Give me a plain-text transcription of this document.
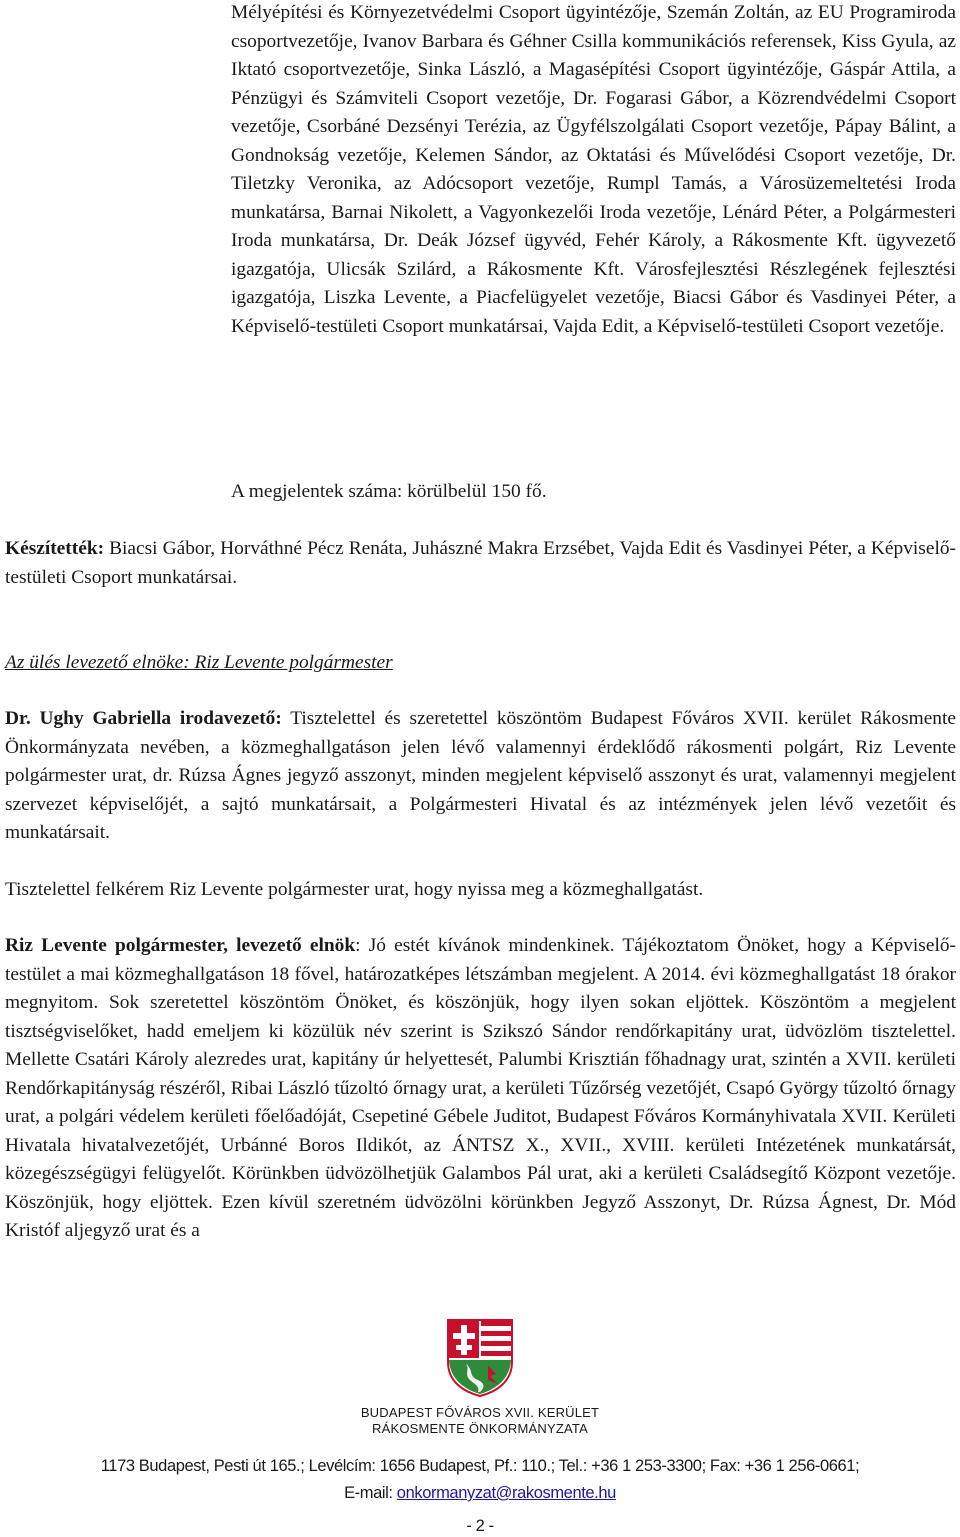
Mélyépítési és Környezetvédelmi Csoport ügyintézője, Szemán Zoltán, az EU Programiroda csoportvezetője, Ivanov Barbara és Géhner Csilla kommunikációs referensek, Kiss Gyula, az Iktató csoportvezetője, Sinka László, a Magasépítési Csoport ügyintézője, Gáspár Attila, a Pénzügyi és Számviteli Csoport vezetője, Dr. Fogarasi Gábor, a Közrendvédelmi Csoport vezetője, Csorbáné Dezsényi Terézia, az Ügyfélszolgálati Csoport vezetője, Pápay Bálint, a Gondnokság vezetője, Kelemen Sándor, az Oktatási és Művelődési Csoport vezetője, Dr. Tiletzky Veronika, az Adócsoport vezetője, Rumpl Tamás, a Városüzemeltetési Iroda munkatársa, Barnai Nikolett, a Vagyonkezelői Iroda vezetője, Lénárd Péter, a Polgármesteri Iroda munkatársa, Dr. Deák József ügyvéd, Fehér Károly, a Rákosmente Kft. ügyvezető igazgatója, Ulicsák Szilárd, a Rákosmente Kft. Városfejlesztési Részlegének fejlesztési igazgatója, Liszka Levente, a Piacfelügyelet vezetője, Biacsi Gábor és Vasdinyei Péter, a Képviselő-testületi Csoport munkatársai, Vajda Edit, a Képviselő-testületi Csoport vezetője.

A megjelentek száma: körülbelül 150 fő.

Készítették: Biacsi Gábor, Horváthné Pécz Renáta, Juhászné Makra Erzsébet, Vajda Edit és Vasdinyei Péter, a Képviselő-testületi Csoport munkatársai.

Az ülés levezető elnöke: Riz Levente polgármester

Dr. Ughy Gabriella irodavezető: Tisztelettel és szeretettel köszöntöm Budapest Főváros XVII. kerület Rákosmente Önkormányzata nevében, a közmeghallgatáson jelen lévő valamennyi érdeklődő rákosmenti polgárt, Riz Levente polgármester urat, dr. Rúzsa Ágnes jegyző asszonyt, minden megjelent képviselő asszonyt és urat, valamennyi megjelent szervezet képviselőjét, a sajtó munkatársait, a Polgármesteri Hivatal és az intézmények jelen lévő vezetőit és munkatársait.

Tisztelettel felkérem Riz Levente polgármester urat, hogy nyissa meg a közmeghallgatást.

Riz Levente polgármester, levezető elnök: Jó estét kívánok mindenkinek. Tájékoztatom Önöket, hogy a Képviselő-testület a mai közmeghallgatáson 18 fővel, határozatképes létszámban megjelent. A 2014. évi közmeghallgatást 18 órakor megnyitom. Sok szeretettel köszöntöm Önöket, és köszönjük, hogy ilyen sokan eljöttek. Köszöntöm a megjelent tisztségviselőket, hadd emeljem ki közülük név szerint is Szikszó Sándor rendőrkapitány urat, üdvözlöm tisztelettel. Mellette Csatári Károly alezredes urat, kapitány úr helyettesét, Palumbi Krisztián főhadnagy urat, szintén a XVII. kerületi Rendőrkapitányság részéről, Ribai László tűzoltó őrnagy urat, a kerületi Tűzőrség vezetőjét, Csapó György tűzoltó őrnagy urat, a polgári védelem kerületi főelőadóját, Csepetiné Gébele Juditot, Budapest Főváros Kormányhivatala XVII. Kerületi Hivatala hivatalvezetőjét, Urbánné Boros Ildikót, az ÁNTSZ X., XVII., XVIII. kerületi Intézetének munkatársát, közegészségügyi felügyelőt. Körünkben üdvözölhetjük Galambos Pál urat, aki a kerületi Családsegítő Központ vezetője. Köszönjük, hogy eljöttek. Ezen kívül szeretném üdvözölni körünkben Jegyző Asszonyt, Dr. Rúzsa Ágnest, Dr. Mód Kristóf aljegyző urat és a

BUDAPEST FŐVÁROS XVII. KERÜLET
RÁKOSMENTE ÖNKORMÁNYZATA
1173 Budapest, Pesti út 165.; Levélcím: 1656 Budapest, Pf.: 110.; Tel.: +36 1 253-3300; Fax: +36 1 256-0661;
E-mail: onkormanyzat@rakosmente.hu
- 2 -
